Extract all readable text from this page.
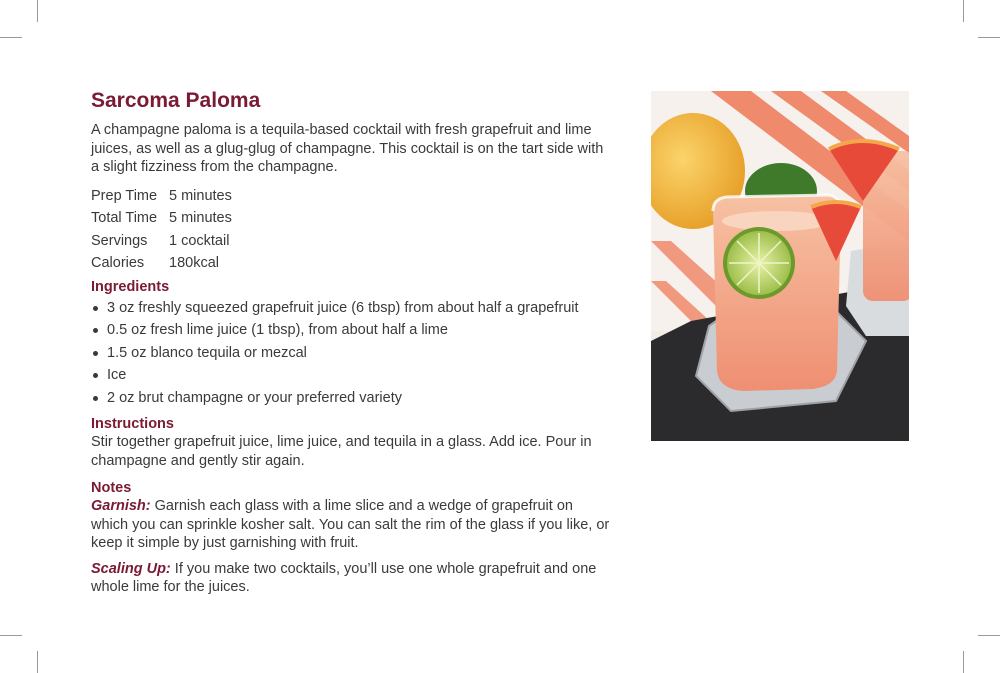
Sarcoma Paloma

A champagne paloma is a tequila-based cocktail with fresh grapefruit and lime juices, as well as a glug-glug of champagne. This cocktail is on the tart side with a slight fizziness from the champagne.

Prep Time	5 minutes
Total Time	5 minutes
Servings	1 cocktail
Calories	180kcal
Ingredients
3 oz freshly squeezed grapefruit juice (6 tbsp) from about half a grapefruit
0.5 oz fresh lime juice (1 tbsp), from about half a lime
1.5 oz blanco tequila or mezcal
Ice
2 oz brut champagne or your preferred variety
Instructions

Stir together grapefruit juice, lime juice, and tequila in a glass. Add ice. Pour in champagne and gently stir again.

Notes

Garnish: Garnish each glass with a lime slice and a wedge of grapefruit on which you can sprinkle kosher salt. You can salt the rim of the glass if you like, or keep it simple by just garnishing with fruit.

Scaling Up: If you make two cocktails, you’ll use one whole grapefruit and one whole lime for the juices.
